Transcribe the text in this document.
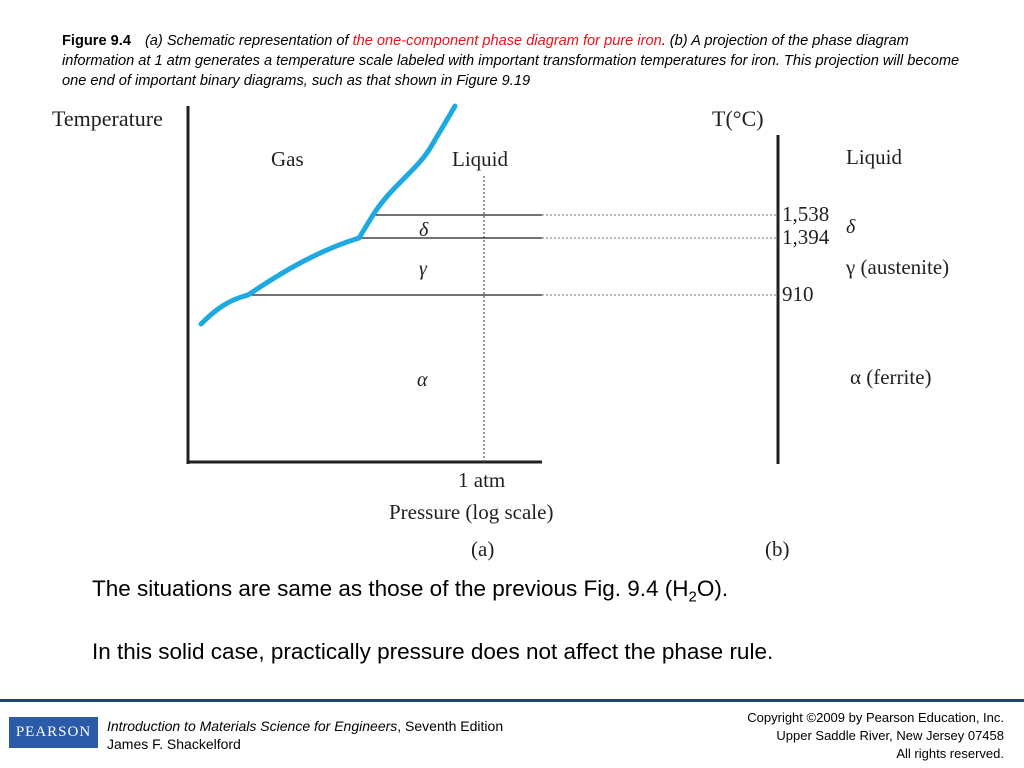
Figure 9.4 (a) Schematic representation of the one-component phase diagram for pure iron. (b) A projection of the phase diagram information at 1 atm generates a temperature scale labeled with important transformation temperatures for iron. This projection will become one end of important binary diagrams, such as that shown in Figure 9.19
Temperature
Gas	Liquid
δ
γ
α
1 atm
Pressure (log scale)
(a)
T(°C)
1,538
1,394
910
Liquid
δ
γ (austenite)
α (ferrite)
(b)
The situations are same as those of the previous Fig. 9.4 $(H_2O)$.
In this solid case, practically pressure does not affect the phase rule.
PEARSON	Introduction to Materials Science for Engineers, Seventh Edition
James F. Shackelford
Copyright ©2009 by Pearson Education, Inc.
Upper Saddle River, New Jersey 07458
All rights reserved.
